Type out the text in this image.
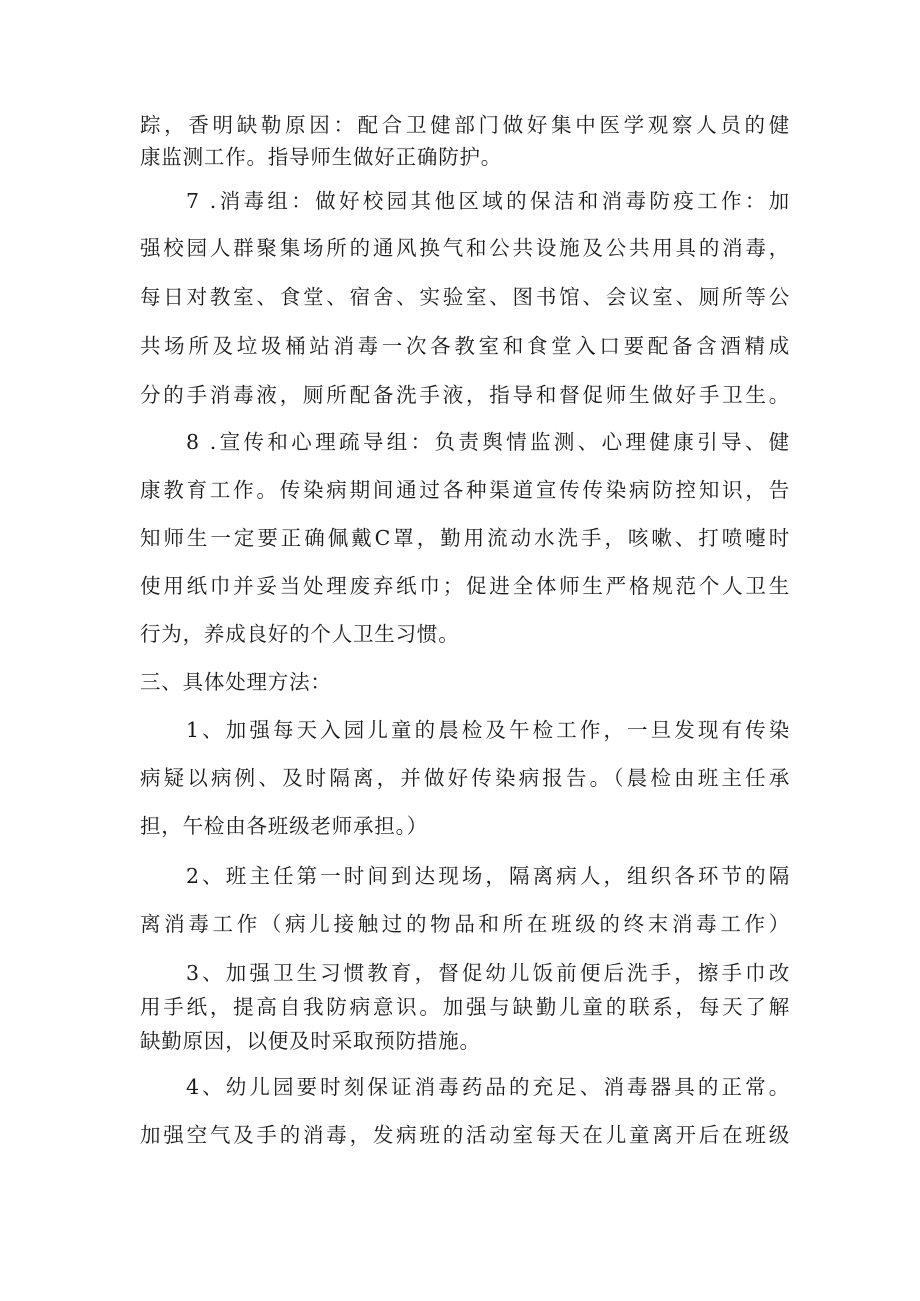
踪，香明缺勒原因：配合卫健部门做好集中医学观察人员的健
康监测工作。指导师生做好正确防护。
7 .消毒组：做好校园其他区域的保洁和消毒防疫工作：加
强校园人群聚集场所的通风换气和公共设施及公共用具的消毒，
每日对教室、食堂、宿舍、实验室、图书馆、会议室、厕所等公
共场所及垃圾桶站消毒一次各教室和食堂入口要配备含酒精成
分的手消毒液，厕所配备洗手液，指导和督促师生做好手卫生。
8 .宣传和心理疏导组：负责舆情监测、心理健康引导、健
康教育工作。传染病期间通过各种渠道宣传传染病防控知识，告
知师生一定要正确佩戴C罩，勤用流动水洗手，咳嗽、打喷嚏时
使用纸巾并妥当处理废弃纸巾；促进全体师生严格规范个人卫生
行为，养成良好的个人卫生习惯。
三、具体处理方法：
1、加强每天入园儿童的晨检及午检工作，一旦发现有传染
病疑以病例、及时隔离，并做好传染病报告。（晨检由班主任承
担，午检由各班级老师承担。）
2、班主任第一时间到达现场，隔离病人，组织各环节的隔
离消毒工作（病儿接触过的物品和所在班级的终末消毒工作）
3、加强卫生习惯教育，督促幼儿饭前便后洗手，擦手巾改
用手纸，提高自我防病意识。加强与缺勤儿童的联系，每天了解
缺勤原因，以便及时采取预防措施。
4、幼儿园要时刻保证消毒药品的充足、消毒器具的正常。
加强空气及手的消毒，发病班的活动室每天在儿童离开后在班级
